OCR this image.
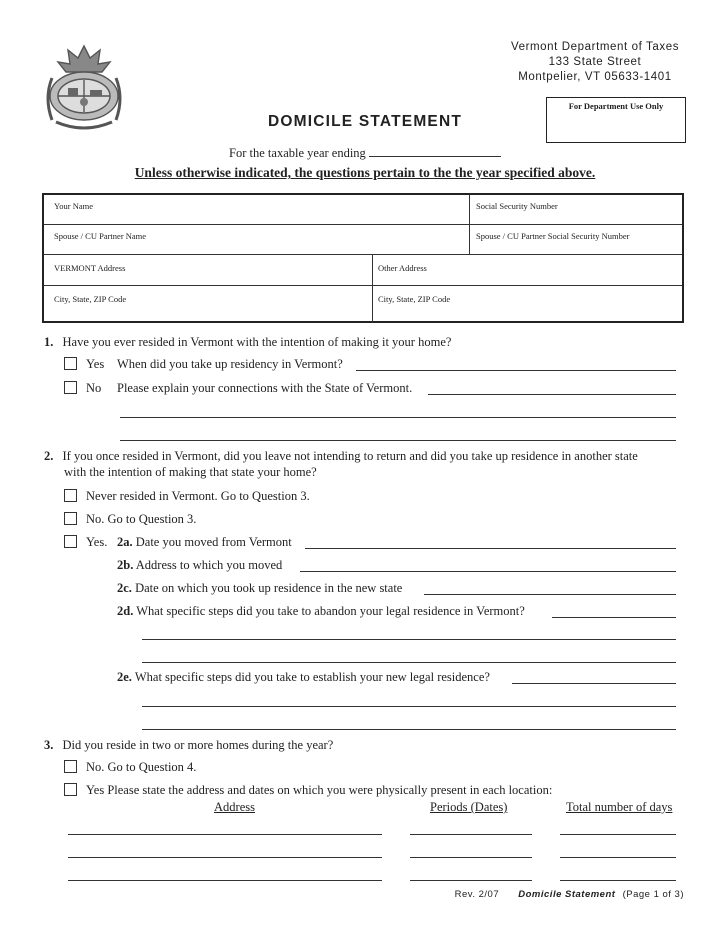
Vermont Department of Taxes
133 State Street
Montpelier, VT 05633-1401
For Department Use Only
DOMICILE STATEMENT
For the taxable year ending
Unless otherwise indicated, the questions pertain to the the year specified above.
Your Name	Social Security Number
Spouse / CU Partner Name	Spouse / CU Partner Social Security Number
VERMONT Address	Other Address
City, State, ZIP Code	City, State, ZIP Code
1. Have you ever resided in Vermont with the intention of making it your home?
Yes When did you take up residency in Vermont?
No Please explain your connections with the State of Vermont.
2. If you once resided in Vermont, did you leave not intending to return and did you take up residence in another state
with the intention of making that state your home?
Never resided in Vermont. Go to Question 3.
No. Go to Question 3.
Yes. 2a. Date you moved from Vermont
2b. Address to which you moved
2c. Date on which you took up residence in the new state
2d. What specific steps did you take to abandon your legal residence in Vermont?
2e. What specific steps did you take to establish your new legal residence?
3. Did you reside in two or more homes during the year?
No. Go to Question 4.
Yes Please state the address and dates on which you were physically present in each location:
Address	Periods (Dates)	Total number of days
Rev. 2/07 Domicile Statement (Page 1 of 3)
